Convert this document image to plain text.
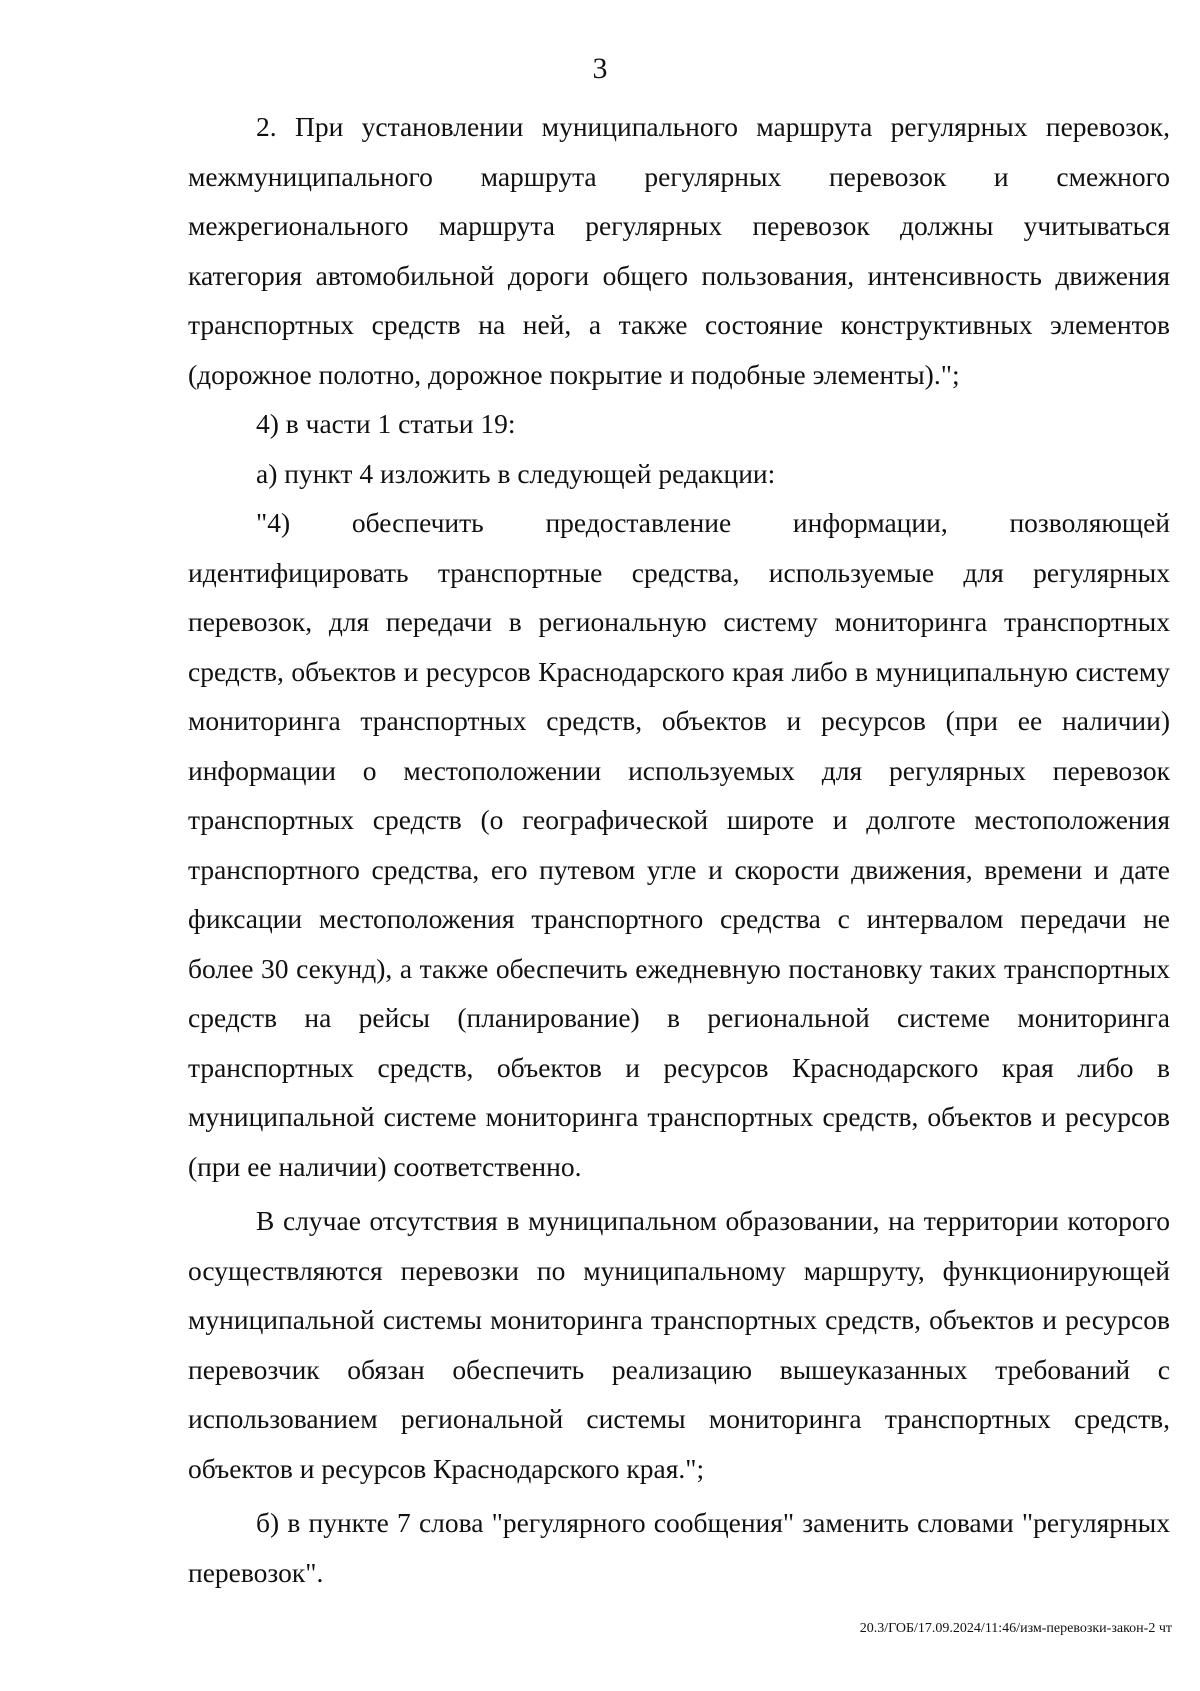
3

2. При установлении муниципального маршрута регулярных перевозок, межмуниципального маршрута регулярных перевозок и смежного межрегионального маршрута регулярных перевозок должны учитываться категория автомобильной дороги общего пользования, интенсивность движения транспортных средств на ней, а также состояние конструктивных элементов (дорожное полотно, дорожное покрытие и подобные элементы).";

4) в части 1 статьи 19:

а) пункт 4 изложить в следующей редакции:

"4) обеспечить предоставление информации, позволяющей идентифицировать транспортные средства, используемые для регулярных перевозок, для передачи в региональную систему мониторинга транспортных средств, объектов и ресурсов Краснодарского края либо в муниципальную систему мониторинга транспортных средств, объектов и ресурсов (при ее наличии) информации о местоположении используемых для регулярных перевозок транспортных средств (о географической широте и долготе местоположения транспортного средства, его путевом угле и скорости движения, времени и дате фиксации местоположения транспортного средства с интервалом передачи не более 30 секунд), а также обеспечить ежедневную постановку таких транспортных средств на рейсы (планирование) в региональной системе мониторинга транспортных средств, объектов и ресурсов Краснодарского края либо в муниципальной системе мониторинга транспортных средств, объектов и ресурсов (при ее наличии) соответственно.

В случае отсутствия в муниципальном образовании, на территории которого осуществляются перевозки по муниципальному маршруту, функционирующей муниципальной системы мониторинга транспортных средств, объектов и ресурсов перевозчик обязан обеспечить реализацию вышеуказанных требований с использованием региональной системы мониторинга транспортных средств, объектов и ресурсов Краснодарского края.";

б) в пункте 7 слова "регулярного сообщения" заменить словами "регулярных перевозок".

20.3/ГОБ/17.09.2024/11:46/изм-перевозки-закон-2 чт
